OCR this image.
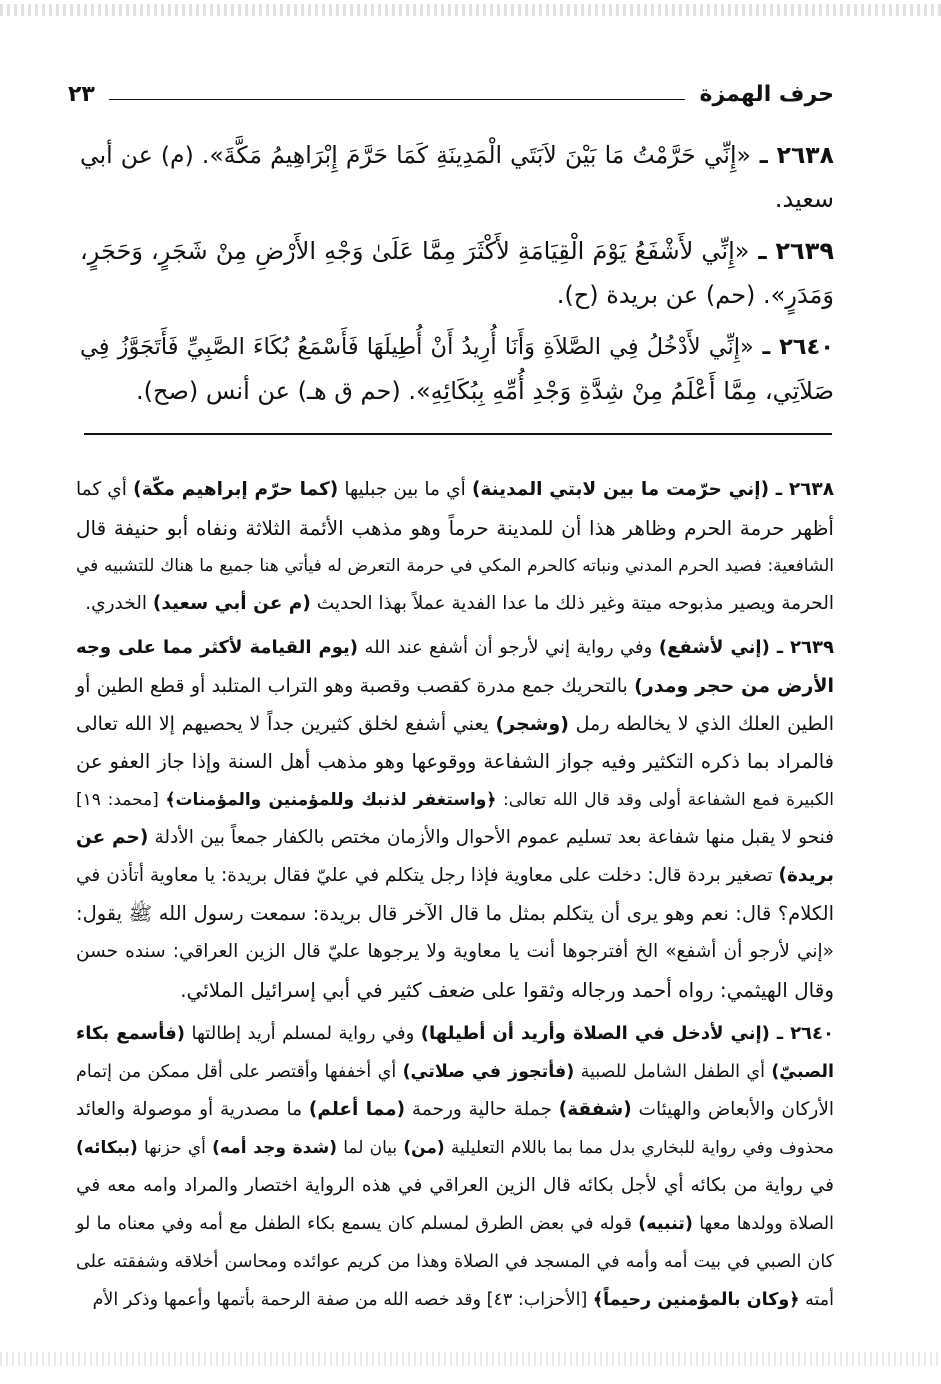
حرف الهمزة
٢٣
٢٦٣٨ ـ «إِنِّي حَرَّمْتُ مَا بَيْنَ لاَبَتَي الْمَدِينَةِ كَمَا حَرَّمَ إِبْرَاهِيمُ مَكَّةَ». (م) عن أبي
سعيد.
٢٦٣٩ ـ «إِنِّي لأَشْفَعُ يَوْمَ الْقِيَامَةِ لأَكْثَرَ مِمَّا عَلَىٰ وَجْهِ الأَرْضِ مِنْ شَجَرٍ، وَحَجَرٍ،
وَمَدَرٍ». (حم) عن بريدة (ح).
٢٦٤٠ ـ «إِنِّي لأَدْخُلُ فِي الصَّلاَةِ وَأَنَا أُرِيدُ أَنْ أُطِيلَهَا فَأَسْمَعُ بُكَاءَ الصَّبِيِّ فَأَتَجَوَّزُ فِي
صَلاَتِي، مِمَّا أَعْلَمُ مِنْ شِدَّةِ وَجْدِ أُمِّهِ بِبُكَائِهِ». (حم ق هـ) عن أنس (صح).
٢٦٣٨ ـ (إني حرّمت ما بين لابتي المدينة) أي ما بين جبليها (كما حرّم إبراهيم مكّة) أي كما
أظهر حرمة الحرم وظاهر هذا أن للمدينة حرماً وهو مذهب الأئمة الثلاثة ونفاه أبو حنيفة قال
الشافعية: فصيد الحرم المدني ونباته كالحرم المكي في حرمة التعرض له فيأتي هنا جميع ما هناك للتشبيه في
الحرمة ويصير مذبوحه ميتة وغير ذلك ما عدا الفدية عملاً بهذا الحديث (م عن أبي سعيد) الخدري.
٢٦٣٩ ـ (إني لأشفع) وفي رواية إني لأرجو أن أشفع عند الله (يوم القيامة لأكثر مما على وجه
الأرض من حجر ومدر) بالتحريك جمع مدرة كقصب وقصبة وهو التراب المتلبد أو قطع الطين أو
الطين العلك الذي لا يخالطه رمل (وشجر) يعني أشفع لخلق كثيرين جداً لا يحصيهم إلا الله تعالى
فالمراد بما ذكره التكثير وفيه جواز الشفاعة ووقوعها وهو مذهب أهل السنة وإذا جاز العفو عن
الكبيرة فمع الشفاعة أولى وقد قال الله تعالى: ﴿واستغفر لذنبك وللمؤمنين والمؤمنات﴾ [محمد: ١٩]
فنحو لا يقبل منها شفاعة بعد تسليم عموم الأحوال والأزمان مختص بالكفار جمعاً بين الأدلة (حم عن
بريدة) تصغير بردة قال: دخلت على معاوية فإذا رجل يتكلم في عليّ فقال بريدة: يا معاوية أتأذن في
الكلام؟ قال: نعم وهو يرى أن يتكلم بمثل ما قال الآخر قال بريدة: سمعت رسول الله ﷺ يقول:
«إني لأرجو أن أشفع» الخ أفترجوها أنت يا معاوية ولا يرجوها عليّ قال الزين العراقي: سنده حسن
وقال الهيثمي: رواه أحمد ورجاله وثقوا على ضعف كثير في أبي إسرائيل الملائي.
٢٦٤٠ ـ (إني لأدخل في الصلاة وأريد أن أطيلها) وفي رواية لمسلم أريد إطالتها (فأسمع بكاء
الصبيّ) أي الطفل الشامل للصبية (فأتجوز في صلاتي) أي أخففها وأقتصر على أقل ممكن من إتمام
الأركان والأبعاض والهيئات (شفقة) جملة حالية ورحمة (مما أعلم) ما مصدرية أو موصولة والعائد
محذوف وفي رواية للبخاري بدل مما بما باللام التعليلية (من) بيان لما (شدة وجد أمه) أي حزنها (ببكائه)
في رواية من بكائه أي لأجل بكائه قال الزين العراقي في هذه الرواية اختصار والمراد وامه معه في
الصلاة وولدها معها (تنبيه) قوله في بعض الطرق لمسلم كان يسمع بكاء الطفل مع أمه وفي معناه ما لو
كان الصبي في بيت أمه وأمه في المسجد في الصلاة وهذا من كريم عوائده ومحاسن أخلاقه وشفقته على
أمته ﴿وكان بالمؤمنين رحيماً﴾ [الأحزاب: ٤٣] وقد خصه الله من صفة الرحمة بأتمها وأعمها وذكر الأم
